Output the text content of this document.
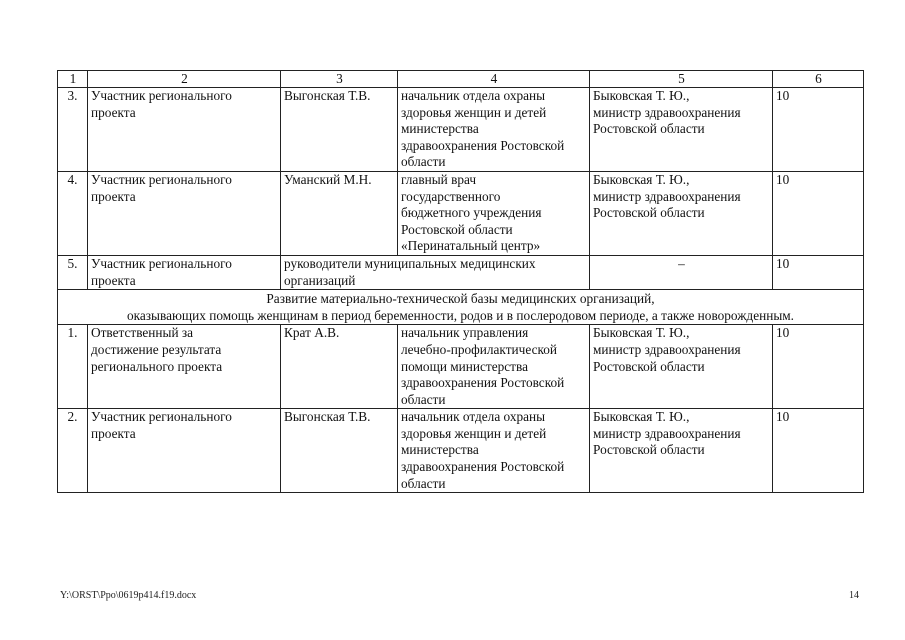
1	2	3	4	5	6
3.	Участник регионального
проекта	Выгонская Т.В.	начальник отдела охраны
здоровья женщин и детей
министерства
здравоохранения Ростовской
области	Быковская Т. Ю.,
министр здравоохранения
Ростовской области	10
4.	Участник регионального
проекта	Уманский М.Н.	главный врач
государственного
бюджетного учреждения
Ростовской области
«Перинатальный центр»	Быковская Т. Ю.,
министр здравоохранения
Ростовской области	10
5.	Участник регионального
проекта	руководители муниципальных медицинских
организаций		–	10

Развитие материально-технической базы медицинских организаций,
оказывающих помощь женщинам в период беременности, родов и в послеродовом периоде, а также новорожденным.					

1.	Ответственный за
достижение результата
регионального проекта	Крат А.В.	начальник управления
лечебно-профилактической
помощи министерства
здравоохранения Ростовской
области	Быковская Т. Ю.,
министр здравоохранения
Ростовской области	10
2.	Участник регионального
проекта	Выгонская Т.В.	начальник отдела охраны
здоровья женщин и детей
министерства
здравоохранения Ростовской
области	Быковская Т. Ю.,
министр здравоохранения
Ростовской области	10
Y:\ORST\Ppo\0619p414.f19.docx	14
